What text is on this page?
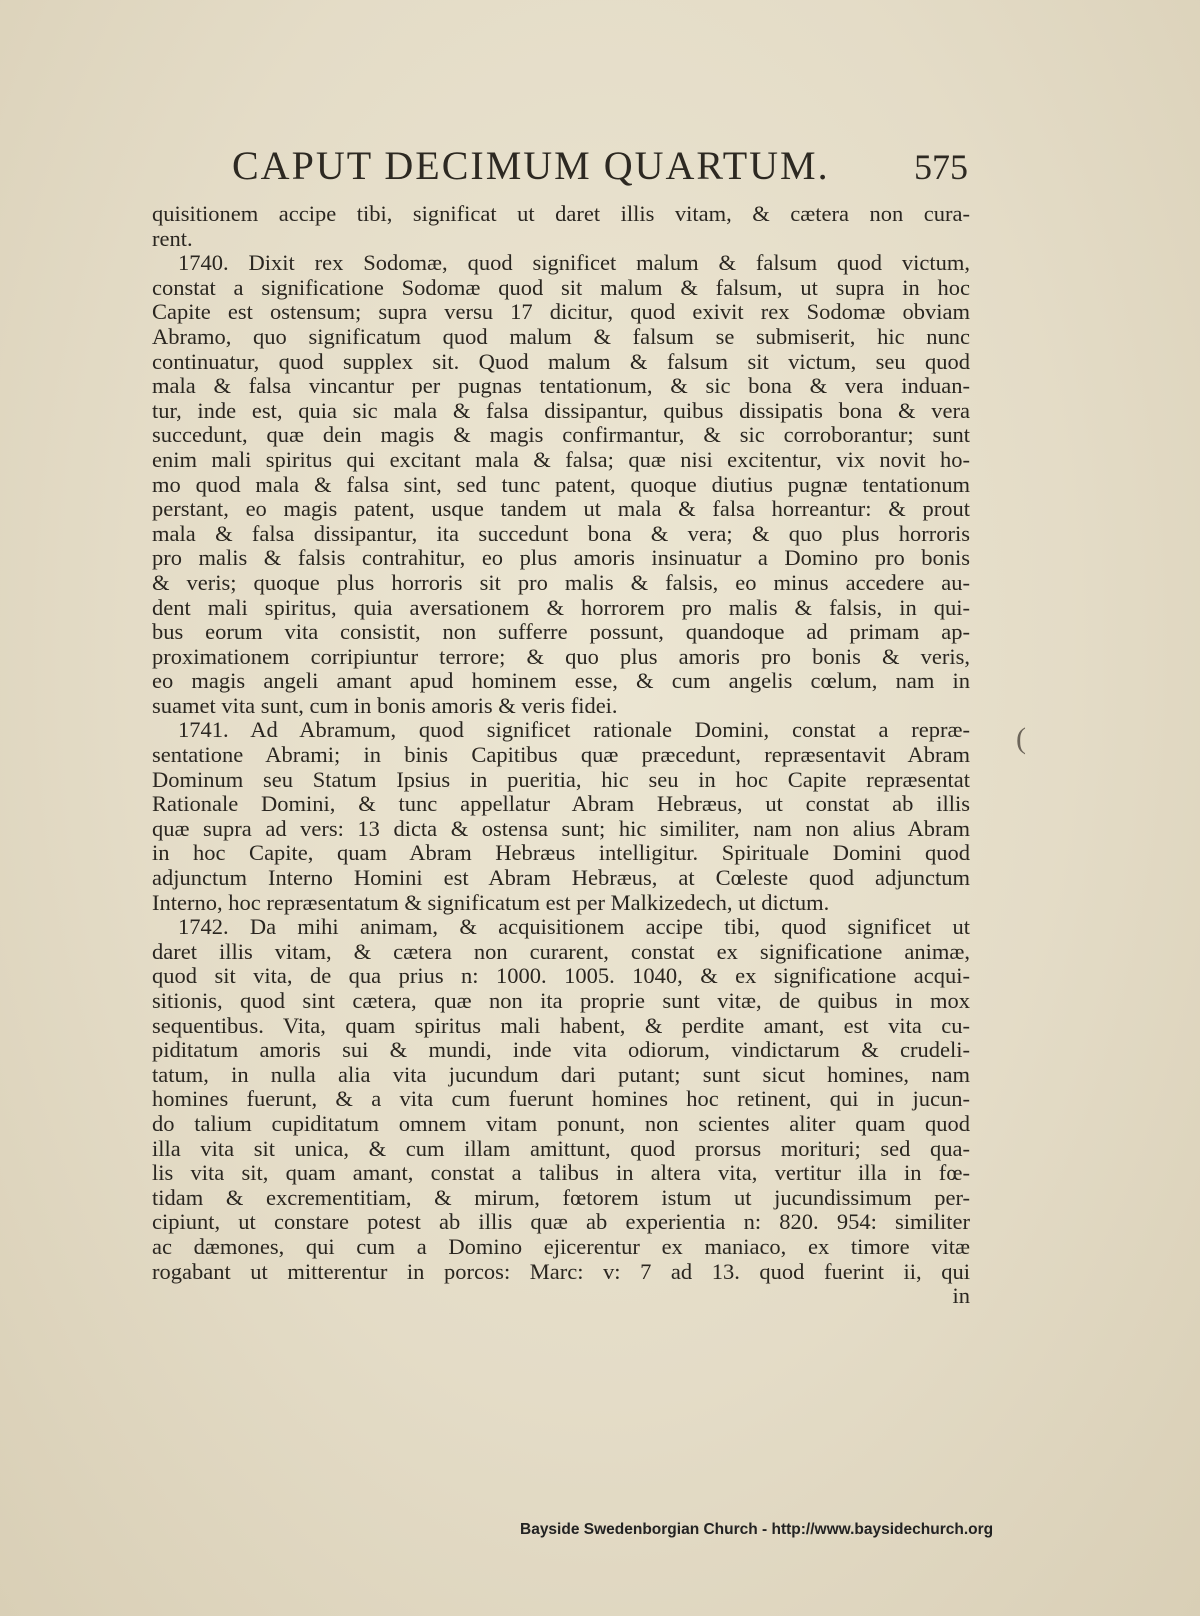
CAPUT DECIMUM QUARTUM. 575
quisitionem accipe tibi, significat ut daret illis vitam, & cætera non cura-
rent.
1740. Dixit rex Sodomæ, quod significet malum & falsum quod victum,
constat a significatione Sodomæ quod sit malum & falsum, ut supra in hoc
Capite est ostensum; supra versu 17 dicitur, quod exivit rex Sodomæ obviam
Abramo, quo significatum quod malum & falsum se submiserit, hic nunc
continuatur, quod supplex sit. Quod malum & falsum sit victum, seu quod
mala & falsa vincantur per pugnas tentationum, & sic bona & vera induan-
tur, inde est, quia sic mala & falsa dissipantur, quibus dissipatis bona & vera
succedunt, quæ dein magis & magis confirmantur, & sic corroborantur; sunt
enim mali spiritus qui excitant mala & falsa; quæ nisi excitentur, vix novit ho-
mo quod mala & falsa sint, sed tunc patent, quoque diutius pugnæ tentationum
perstant, eo magis patent, usque tandem ut mala & falsa horreantur: & prout
mala & falsa dissipantur, ita succedunt bona & vera; & quo plus horroris
pro malis & falsis contrahitur, eo plus amoris insinuatur a Domino pro bonis
& veris; quoque plus horroris sit pro malis & falsis, eo minus accedere au-
dent mali spiritus, quia aversationem & horrorem pro malis & falsis, in qui-
bus eorum vita consistit, non sufferre possunt, quandoque ad primam ap-
proximationem corripiuntur terrore; & quo plus amoris pro bonis & veris,
eo magis angeli amant apud hominem esse, & cum angelis cœlum, nam in
suamet vita sunt, cum in bonis amoris & veris fidei.
1741. Ad Abramum, quod significet rationale Domini, constat a repræ-
sentatione Abrami; in binis Capitibus quæ præcedunt, repræsentavit Abram
Dominum seu Statum Ipsius in pueritia, hic seu in hoc Capite repræsentat
Rationale Domini, & tunc appellatur Abram Hebræus, ut constat ab illis
quæ supra ad vers: 13 dicta & ostensa sunt; hic similiter, nam non alius Abram
in hoc Capite, quam Abram Hebræus intelligitur. Spirituale Domini quod
adjunctum Interno Homini est Abram Hebræus, at Cœleste quod adjunctum
Interno, hoc repræsentatum & significatum est per Malkizedech, ut dictum.
1742. Da mihi animam, & acquisitionem accipe tibi, quod significet ut
daret illis vitam, & cætera non curarent, constat ex significatione animæ,
quod sit vita, de qua prius n: 1000. 1005. 1040, & ex significatione acqui-
sitionis, quod sint cætera, quæ non ita proprie sunt vitæ, de quibus in mox
sequentibus. Vita, quam spiritus mali habent, & perdite amant, est vita cu-
piditatum amoris sui & mundi, inde vita odiorum, vindictarum & crudeli-
tatum, in nulla alia vita jucundum dari putant; sunt sicut homines, nam
homines fuerunt, & a vita cum fuerunt homines hoc retinent, qui in jucun-
do talium cupiditatum omnem vitam ponunt, non scientes aliter quam quod
illa vita sit unica, & cum illam amittunt, quod prorsus morituri; sed qua-
lis vita sit, quam amant, constat a talibus in altera vita, vertitur illa in fœ-
tidam & excrementitiam, & mirum, fœtorem istum ut jucundissimum per-
cipiunt, ut constare potest ab illis quæ ab experientia n: 820. 954: similiter
ac dæmones, qui cum a Domino ejicerentur ex maniaco, ex timore vitæ
rogabant ut mitterentur in porcos: Marc: v: 7 ad 13. quod fuerint ii, qui
in
(
Bayside Swedenborgian Church - http://www.baysidechurch.org
